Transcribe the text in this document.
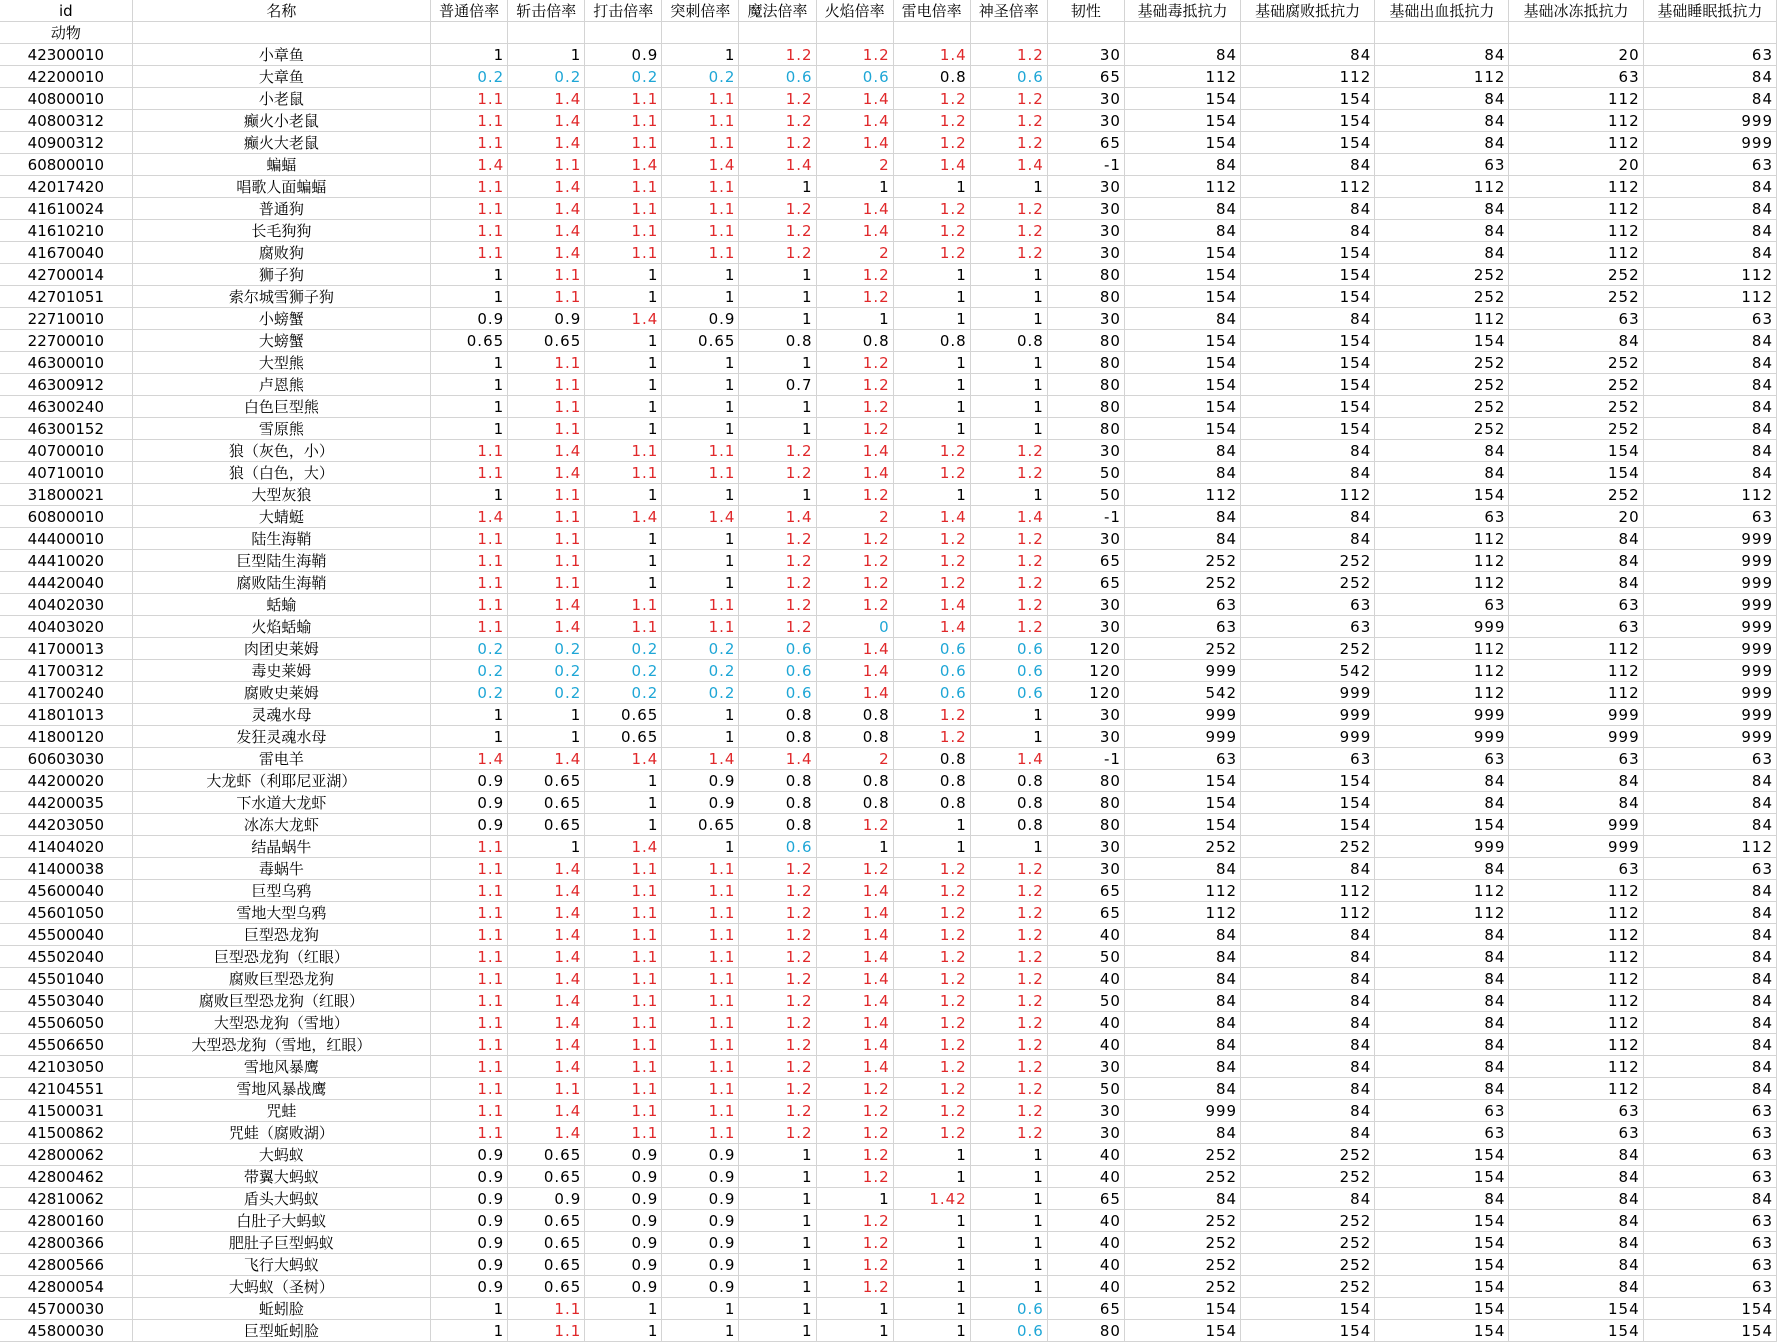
id	名称	普通倍率	斩击倍率	打击倍率	突刺倍率	魔法倍率	火焰倍率	雷电倍率	神圣倍率	韧性	基础毒抵抗力	基础腐败抵抗力	基础出血抵抗力	基础冰冻抵抗力	基础睡眠抵抗力
动物															
42300010	小章鱼	1	1	0.9	1	1.2	1.2	1.4	1.2	30	84	84	84	20	63
42200010	大章鱼	0.2	0.2	0.2	0.2	0.6	0.6	0.8	0.6	65	112	112	112	63	84
40800010	小老鼠	1.1	1.4	1.1	1.1	1.2	1.4	1.2	1.2	30	154	154	84	112	84
40800312	癫火小老鼠	1.1	1.4	1.1	1.1	1.2	1.4	1.2	1.2	30	154	154	84	112	999
40900312	癫火大老鼠	1.1	1.4	1.1	1.1	1.2	1.4	1.2	1.2	65	154	154	84	112	999
60800010	蝙蝠	1.4	1.1	1.4	1.4	1.4	2	1.4	1.4	-1	84	84	63	20	63
42017420	唱歌人面蝙蝠	1.1	1.4	1.1	1.1	1	1	1	1	30	112	112	112	112	84
41610024	普通狗	1.1	1.4	1.1	1.1	1.2	1.4	1.2	1.2	30	84	84	84	112	84
41610210	长毛狗狗	1.1	1.4	1.1	1.1	1.2	1.4	1.2	1.2	30	84	84	84	112	84
41670040	腐败狗	1.1	1.4	1.1	1.1	1.2	2	1.2	1.2	30	154	154	84	112	84
42700014	狮子狗	1	1.1	1	1	1	1.2	1	1	80	154	154	252	252	112
42701051	索尔城雪狮子狗	1	1.1	1	1	1	1.2	1	1	80	154	154	252	252	112
22710010	小螃蟹	0.9	0.9	1.4	0.9	1	1	1	1	30	84	84	112	63	63
22700010	大螃蟹	0.65	0.65	1	0.65	0.8	0.8	0.8	0.8	80	154	154	154	84	84
46300010	大型熊	1	1.1	1	1	1	1.2	1	1	80	154	154	252	252	84
46300912	卢恩熊	1	1.1	1	1	0.7	1.2	1	1	80	154	154	252	252	84
46300240	白色巨型熊	1	1.1	1	1	1	1.2	1	1	80	154	154	252	252	84
46300152	雪原熊	1	1.1	1	1	1	1.2	1	1	80	154	154	252	252	84
40700010	狼（灰色，小）	1.1	1.4	1.1	1.1	1.2	1.4	1.2	1.2	30	84	84	84	154	84
40710010	狼（白色，大）	1.1	1.4	1.1	1.1	1.2	1.4	1.2	1.2	50	84	84	84	154	84
31800021	大型灰狼	1	1.1	1	1	1	1.2	1	1	50	112	112	154	252	112
60800010	大蜻蜓	1.4	1.1	1.4	1.4	1.4	2	1.4	1.4	-1	84	84	63	20	63
44400010	陆生海鞘	1.1	1.1	1	1	1.2	1.2	1.2	1.2	30	84	84	112	84	999
44410020	巨型陆生海鞘	1.1	1.1	1	1	1.2	1.2	1.2	1.2	65	252	252	112	84	999
44420040	腐败陆生海鞘	1.1	1.1	1	1	1.2	1.2	1.2	1.2	65	252	252	112	84	999
40402030	蛞蝓	1.1	1.4	1.1	1.1	1.2	1.2	1.4	1.2	30	63	63	63	63	999
40403020	火焰蛞蝓	1.1	1.4	1.1	1.1	1.2	0	1.4	1.2	30	63	63	999	63	999
41700013	肉团史莱姆	0.2	0.2	0.2	0.2	0.6	1.4	0.6	0.6	120	252	252	112	112	999
41700312	毒史莱姆	0.2	0.2	0.2	0.2	0.6	1.4	0.6	0.6	120	999	542	112	112	999
41700240	腐败史莱姆	0.2	0.2	0.2	0.2	0.6	1.4	0.6	0.6	120	542	999	112	112	999
41801013	灵魂水母	1	1	0.65	1	0.8	0.8	1.2	1	30	999	999	999	999	999
41800120	发狂灵魂水母	1	1	0.65	1	0.8	0.8	1.2	1	30	999	999	999	999	999
60603030	雷电羊	1.4	1.4	1.4	1.4	1.4	2	0.8	1.4	-1	63	63	63	63	63
44200020	大龙虾（利耶尼亚湖）	0.9	0.65	1	0.9	0.8	0.8	0.8	0.8	80	154	154	84	84	84
44200035	下水道大龙虾	0.9	0.65	1	0.9	0.8	0.8	0.8	0.8	80	154	154	84	84	84
44203050	冰冻大龙虾	0.9	0.65	1	0.65	0.8	1.2	1	0.8	80	154	154	154	999	84
41404020	结晶蜗牛	1.1	1	1.4	1	0.6	1	1	1	30	252	252	999	999	112
41400038	毒蜗牛	1.1	1.4	1.1	1.1	1.2	1.2	1.2	1.2	30	84	84	84	63	63
45600040	巨型乌鸦	1.1	1.4	1.1	1.1	1.2	1.4	1.2	1.2	65	112	112	112	112	84
45601050	雪地大型乌鸦	1.1	1.4	1.1	1.1	1.2	1.4	1.2	1.2	65	112	112	112	112	84
45500040	巨型恐龙狗	1.1	1.4	1.1	1.1	1.2	1.4	1.2	1.2	40	84	84	84	112	84
45502040	巨型恐龙狗（红眼）	1.1	1.4	1.1	1.1	1.2	1.4	1.2	1.2	50	84	84	84	112	84
45501040	腐败巨型恐龙狗	1.1	1.4	1.1	1.1	1.2	1.4	1.2	1.2	40	84	84	84	112	84
45503040	腐败巨型恐龙狗（红眼）	1.1	1.4	1.1	1.1	1.2	1.4	1.2	1.2	50	84	84	84	112	84
45506050	大型恐龙狗（雪地）	1.1	1.4	1.1	1.1	1.2	1.4	1.2	1.2	40	84	84	84	112	84
45506650	大型恐龙狗（雪地，红眼）	1.1	1.4	1.1	1.1	1.2	1.4	1.2	1.2	40	84	84	84	112	84
42103050	雪地风暴鹰	1.1	1.4	1.1	1.1	1.2	1.4	1.2	1.2	30	84	84	84	112	84
42104551	雪地风暴战鹰	1.1	1.1	1.1	1.1	1.2	1.2	1.2	1.2	50	84	84	84	112	84
41500031	咒蛙	1.1	1.4	1.1	1.1	1.2	1.2	1.2	1.2	30	999	84	63	63	63
41500862	咒蛙（腐败湖）	1.1	1.4	1.1	1.1	1.2	1.2	1.2	1.2	30	84	84	63	63	63
42800062	大蚂蚁	0.9	0.65	0.9	0.9	1	1.2	1	1	40	252	252	154	84	63
42800462	带翼大蚂蚁	0.9	0.65	0.9	0.9	1	1.2	1	1	40	252	252	154	84	63
42810062	盾头大蚂蚁	0.9	0.9	0.9	0.9	1	1	1.42	1	65	84	84	84	84	84
42800160	白肚子大蚂蚁	0.9	0.65	0.9	0.9	1	1.2	1	1	40	252	252	154	84	63
42800366	肥肚子巨型蚂蚁	0.9	0.65	0.9	0.9	1	1.2	1	1	40	252	252	154	84	63
42800566	飞行大蚂蚁	0.9	0.65	0.9	0.9	1	1.2	1	1	40	252	252	154	84	63
42800054	大蚂蚁（圣树）	0.9	0.65	0.9	0.9	1	1.2	1	1	40	252	252	154	84	63
45700030	蚯蚓脸	1	1.1	1	1	1	1	1	0.6	65	154	154	154	154	154
45800030	巨型蚯蚓脸	1	1.1	1	1	1	1	1	0.6	80	154	154	154	154	154
